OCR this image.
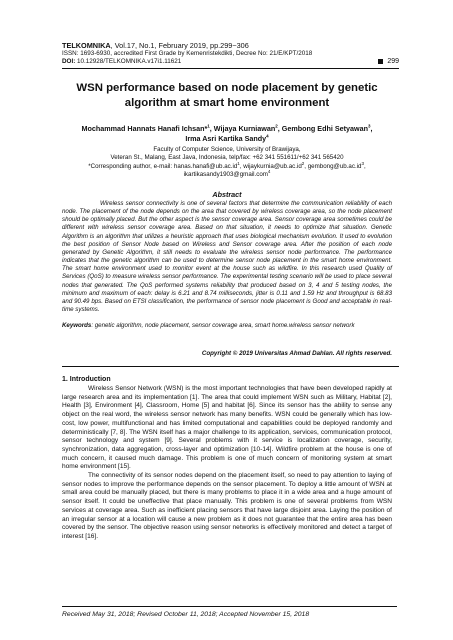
TELKOMNIKA, Vol.17, No.1, February 2019, pp.299~306
ISSN: 1693-6930, accredited First Grade by Kemenristekdikti, Decree No: 21/E/KPT/2018
DOI: 10.12928/TELKOMNIKA.v17i1.11621	299
WSN performance based on node placement by genetic algorithm at smart home environment
Mochammad Hannats Hanafi Ichsan*$^1$, Wijaya Kurniawan$^2$, Gembong Edhi Setyawan$^3$,
Irma Asri Kartika Sandy$^4$
Faculty of Computer Science, University of Brawijaya,
Veteran St., Malang, East Java, Indonesia, telp/fax: +62 341 551611/+62 341 565420
*Corresponding author, e-mail: $hanas.hanafi@ub.ac.id^1$, $wijaykurnia@ub.ac.id^2$, $gembong@ub.ac.id^3$,
ikartikasandy1903@gmail.com$^4$
Abstract
Wireless sensor connectivity is one of several factors that determine the communication reliability of each node. The placement of the node depends on the area that covered by wireless coverage area, so the node placement should be optimally placed. But the other aspect is the sensor coverage area. Sensor coverage area sometimes could be different with wireless sensor coverage area. Based on that situation, it needs to optimize that situation. Genetic Algorithm is an algorithm that utilizes a heuristic approach that uses biological mechanism evolution. It used to evolution the best position of Sensor Node based on Wireless and Sensor coverage area. After the position of each node generated by Genetic Algorithm, it still needs to evaluate the wireless sensor node performance. The performance indicates that the genetic algorithm can be used to determine sensor node placement in the smart home environment. The smart home environment used to monitor event at the house such as wildfire. In this research used Quality of Services (QoS) to measure wireless sensor performance. The experimental testing scenario will be used to place several nodes that generated. The QoS performed systems reliability that produced based on 3, 4 and 5 testing nodes, the minimum and maximum of each: delay is 6.21 and 8.74 milliseconds, jitter is 0.11 and 1.59 Hz and throughput is 68.83 and 90.49 bps. Based on ETSI classification, the performance of sensor node placement is Good and acceptable in real-time systems.
Keywords: genetic algorithm, node placement, sensor coverage area, smart home.wireless sensor network
Copyright © 2019 Universitas Ahmad Dahlan. All rights reserved.
1. Introduction

Wireless Sensor Network (WSN) is the most important technologies that have been developed rapidly at large research area and its implementation [1]. The area that could implement WSN such as Military, Habitat [2], Health [3], Environment [4], Classroom, Home [5] and habitat [6]. Since its sensor has the ability to sense any object on the real word, the wireless sensor network has many benefits. WSN could be generally which has low-cost, low power, multifunctional and has limited computational and capabilities could be deployed randomly and deterministically [7, 8]. The WSN itself has a major challenge to its application, services, communication protocol, sensor technology and system [9]. Several problems with it service is localization coverage, security, synchronization, data aggregation, cross-layer and optimization [10-14]. Wildfire problem at the house is one of much concern, it caused much damage. This problem is one of much concern of monitoring system at smart home environment [15].

The connectivity of its sensor nodes depend on the placement itself, so need to pay attention to laying of sensor nodes to improve the performance depends on the sensor placement. To deploy a little amount of WSN at small area could be manually placed, but there is many problems to place it in a wide area and a huge amount of sensor itself. It could be uneffective that place manually. This problem is one of several problems from WSN services at coverage area. Such as inefficient placing sensors that have large disjoint area. Laying the position of an irregular sensor at a location will cause a new problem as it does not guarantee that the entire area has been covered by the sensor. The objective reason using sensor networks is effectively monitored and detect a target of interest [16].

Received May 31, 2018; Revised October 11, 2018; Accepted November 15, 2018
